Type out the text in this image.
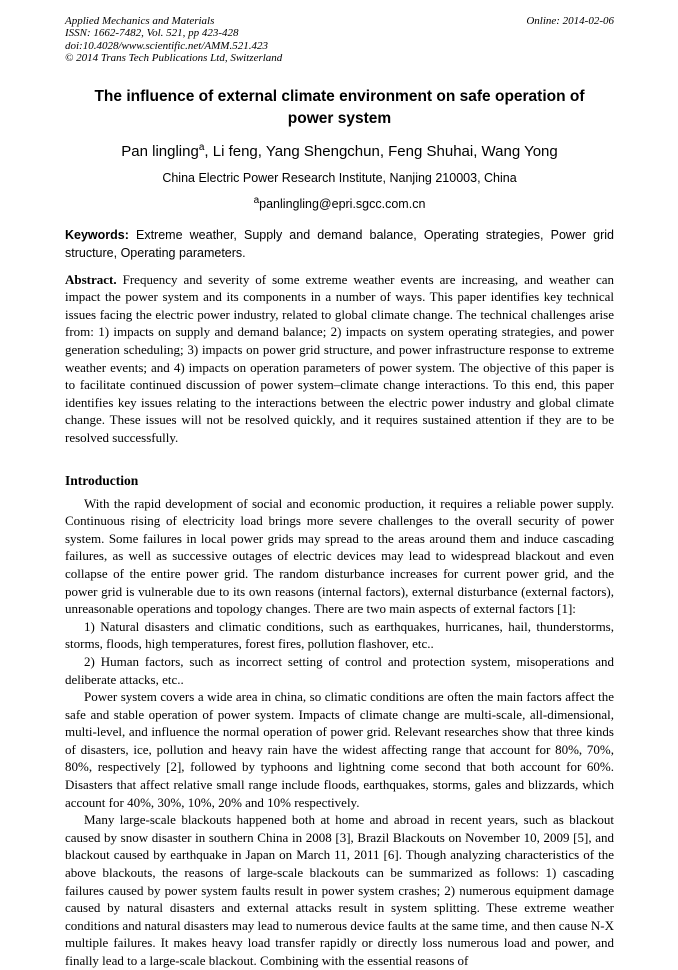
Applied Mechanics and Materials
ISSN: 1662-7482, Vol. 521, pp 423-428
doi:10.4028/www.scientific.net/AMM.521.423
© 2014 Trans Tech Publications Ltd, Switzerland
Online: 2014-02-06
The influence of external climate environment on safe operation of power system
Pan lingling$^a$, Li feng, Yang Shengchun, Feng Shuhai, Wang Yong
China Electric Power Research Institute, Nanjing 210003, China
$^a$panlingling@epri.sgcc.com.cn
Keywords: Extreme weather, Supply and demand balance, Operating strategies, Power grid structure, Operating parameters.
Abstract. Frequency and severity of some extreme weather events are increasing, and weather can impact the power system and its components in a number of ways. This paper identifies key technical issues facing the electric power industry, related to global climate change. The technical challenges arise from: 1) impacts on supply and demand balance; 2) impacts on system operating strategies, and power generation scheduling; 3) impacts on power grid structure, and power infrastructure response to extreme weather events; and 4) impacts on operation parameters of power system. The objective of this paper is to facilitate continued discussion of power system–climate change interactions. To this end, this paper identifies key issues relating to the interactions between the electric power industry and global climate change. These issues will not be resolved quickly, and it requires sustained attention if they are to be resolved successfully.
Introduction

With the rapid development of social and economic production, it requires a reliable power supply. Continuous rising of electricity load brings more severe challenges to the overall security of power system. Some failures in local power grids may spread to the areas around them and induce cascading failures, as well as successive outages of electric devices may lead to widespread blackout and even collapse of the entire power grid. The random disturbance increases for current power grid, and the power grid is vulnerable due to its own reasons (internal factors), external disturbance (external factors), unreasonable operations and topology changes. There are two main aspects of external factors [1]:

1) Natural disasters and climatic conditions, such as earthquakes, hurricanes, hail, thunderstorms, storms, floods, high temperatures, forest fires, pollution flashover, etc..

2) Human factors, such as incorrect setting of control and protection system, misoperations and deliberate attacks, etc..

Power system covers a wide area in china, so climatic conditions are often the main factors affect the safe and stable operation of power system. Impacts of climate change are multi-scale, all-dimensional, multi-level, and influence the normal operation of power grid. Relevant researches show that three kinds of disasters, ice, pollution and heavy rain have the widest affecting range that account for 80%, 70%, 80%, respectively [2], followed by typhoons and lightning come second that both account for 60%. Disasters that affect relative small range include floods, earthquakes, storms, gales and blizzards, which account for 40%, 30%, 10%, 20% and 10% respectively.

Many large-scale blackouts happened both at home and abroad in recent years, such as blackout caused by snow disaster in southern China in 2008 [3], Brazil Blackouts on November 10, 2009 [5], and blackout caused by earthquake in Japan on March 11, 2011 [6]. Though analyzing characteristics of the above blackouts, the reasons of large-scale blackouts can be summarized as follows: 1) cascading failures caused by power system faults result in power system crashes; 2) numerous equipment damage caused by natural disasters and external attacks result in system splitting. These extreme weather conditions and natural disasters may lead to numerous device faults at the same time, and then cause N-X multiple failures. It makes heavy load transfer rapidly or directly loss numerous load and power, and finally lead to a large-scale blackout. Combining with the essential reasons of
